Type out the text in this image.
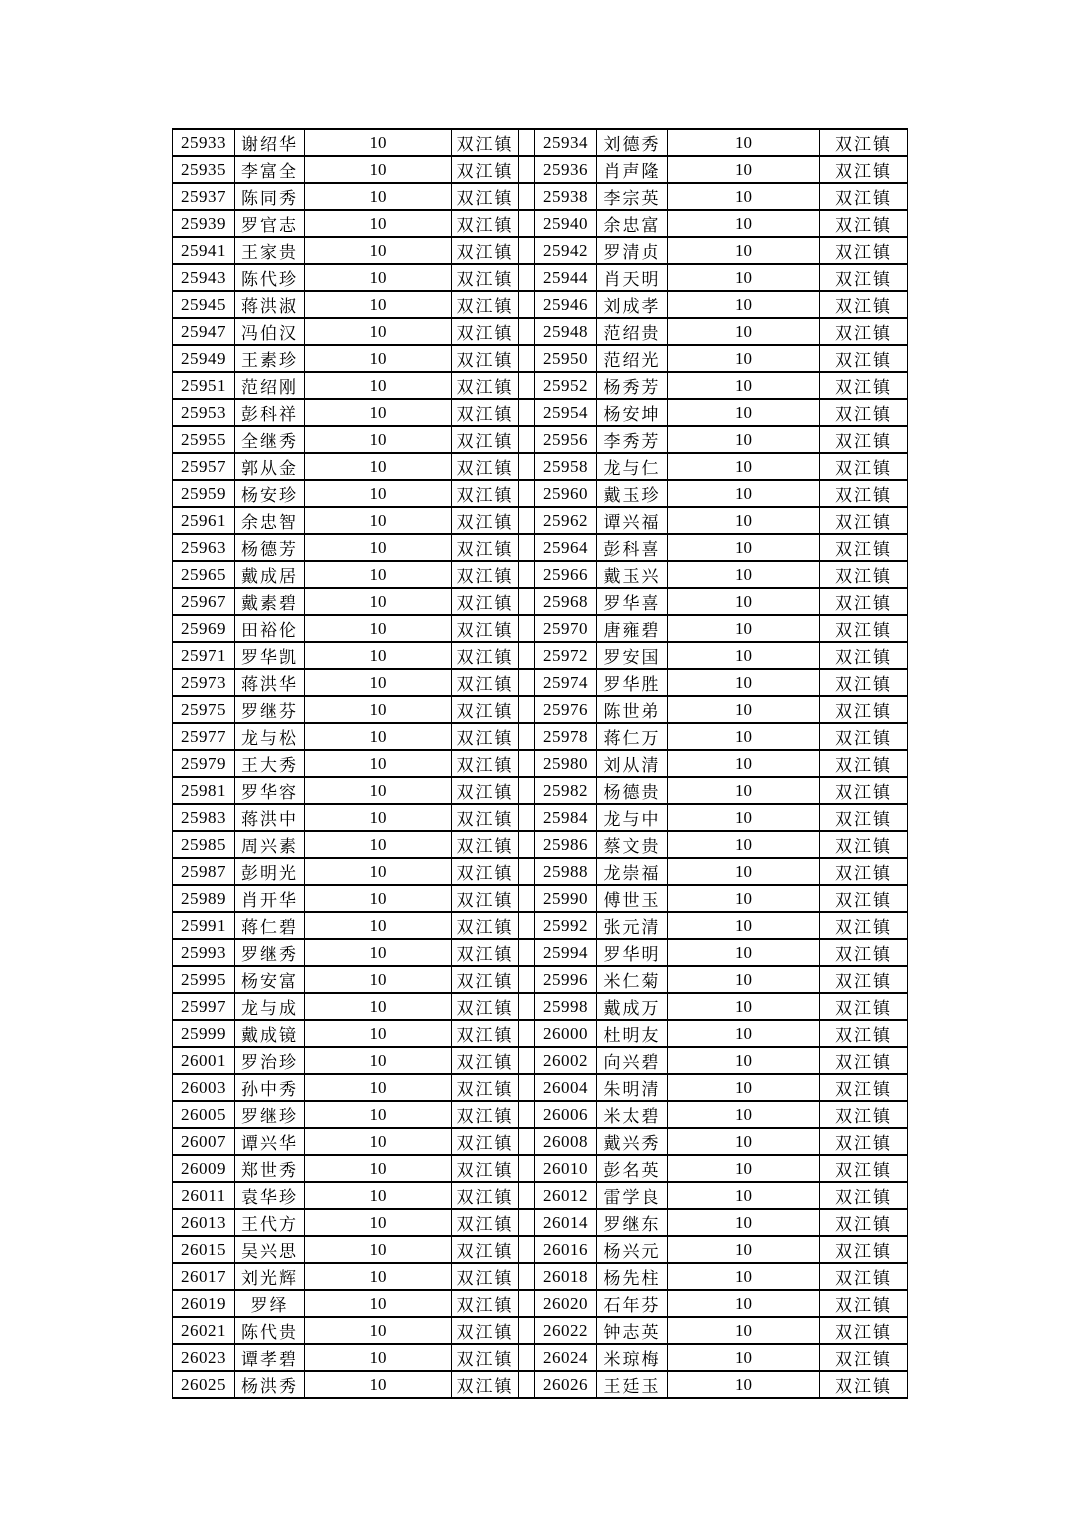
25933	谢绍华	10	双江镇		25934	刘德秀	10	双江镇
25935	李富全	10	双江镇		25936	肖声隆	10	双江镇
25937	陈同秀	10	双江镇		25938	李宗英	10	双江镇
25939	罗官志	10	双江镇		25940	余忠富	10	双江镇
25941	王家贵	10	双江镇		25942	罗清贞	10	双江镇
25943	陈代珍	10	双江镇		25944	肖天明	10	双江镇
25945	蒋洪淑	10	双江镇		25946	刘成孝	10	双江镇
25947	冯伯汉	10	双江镇		25948	范绍贵	10	双江镇
25949	王素珍	10	双江镇		25950	范绍光	10	双江镇
25951	范绍刚	10	双江镇		25952	杨秀芳	10	双江镇
25953	彭科祥	10	双江镇		25954	杨安坤	10	双江镇
25955	全继秀	10	双江镇		25956	李秀芳	10	双江镇
25957	郭从金	10	双江镇		25958	龙与仁	10	双江镇
25959	杨安珍	10	双江镇		25960	戴玉珍	10	双江镇
25961	余忠智	10	双江镇		25962	谭兴福	10	双江镇
25963	杨德芳	10	双江镇		25964	彭科喜	10	双江镇
25965	戴成居	10	双江镇		25966	戴玉兴	10	双江镇
25967	戴素碧	10	双江镇		25968	罗华喜	10	双江镇
25969	田裕伦	10	双江镇		25970	唐雍碧	10	双江镇
25971	罗华凯	10	双江镇		25972	罗安国	10	双江镇
25973	蒋洪华	10	双江镇		25974	罗华胜	10	双江镇
25975	罗继芬	10	双江镇		25976	陈世弟	10	双江镇
25977	龙与松	10	双江镇		25978	蒋仁万	10	双江镇
25979	王大秀	10	双江镇		25980	刘从清	10	双江镇
25981	罗华容	10	双江镇		25982	杨德贵	10	双江镇
25983	蒋洪中	10	双江镇		25984	龙与中	10	双江镇
25985	周兴素	10	双江镇		25986	蔡文贵	10	双江镇
25987	彭明光	10	双江镇		25988	龙崇福	10	双江镇
25989	肖开华	10	双江镇		25990	傅世玉	10	双江镇
25991	蒋仁碧	10	双江镇		25992	张元清	10	双江镇
25993	罗继秀	10	双江镇		25994	罗华明	10	双江镇
25995	杨安富	10	双江镇		25996	米仁菊	10	双江镇
25997	龙与成	10	双江镇		25998	戴成万	10	双江镇
25999	戴成镜	10	双江镇		26000	杜明友	10	双江镇
26001	罗治珍	10	双江镇		26002	向兴碧	10	双江镇
26003	孙中秀	10	双江镇		26004	朱明清	10	双江镇
26005	罗继珍	10	双江镇		26006	米太碧	10	双江镇
26007	谭兴华	10	双江镇		26008	戴兴秀	10	双江镇
26009	郑世秀	10	双江镇		26010	彭名英	10	双江镇
26011	袁华珍	10	双江镇		26012	雷学良	10	双江镇
26013	王代方	10	双江镇		26014	罗继东	10	双江镇
26015	吴兴思	10	双江镇		26016	杨兴元	10	双江镇
26017	刘光辉	10	双江镇		26018	杨先柱	10	双江镇
26019	罗绎	10	双江镇		26020	石年芬	10	双江镇
26021	陈代贵	10	双江镇		26022	钟志英	10	双江镇
26023	谭孝碧	10	双江镇		26024	米琼梅	10	双江镇
26025	杨洪秀	10	双江镇		26026	王廷玉	10	双江镇
